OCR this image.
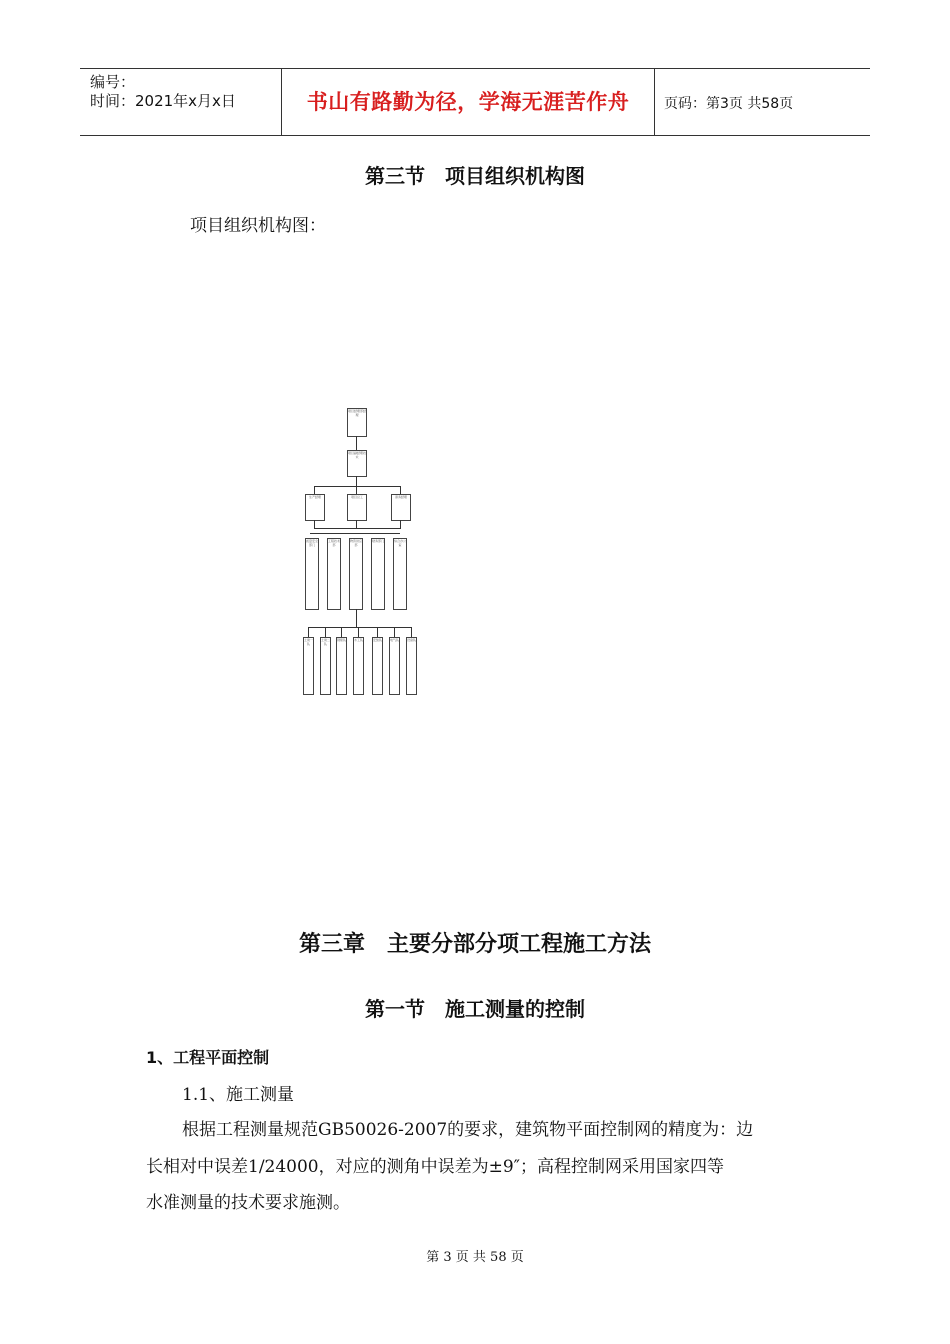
编号：
时间：2021年x月x日	书山有路勤为径，学海无涯苦作舟	页码：第3页 共58页
第三节　项目组织机构图
项目组织机构图：
项目经理部经理
项目副经理技术
生产经理	项目总工	商务经理
质量安全部门
工程技术部
物资供应部
财务部门	综合办公室
土建一队
土建二队
钢筋队	木工队	安装队	电气队	设备队
第三章　主要分部分项工程施工方法
第一节　施工测量的控制
1、工程平面控制
1.1、施工测量
根据工程测量规范GB50026-2007的要求，建筑物平面控制网的精度为：边
长相对中误差1/24000，对应的测角中误差为±9″；高程控制网采用国家四等
水准测量的技术要求施测。
第 3 页 共 58 页
